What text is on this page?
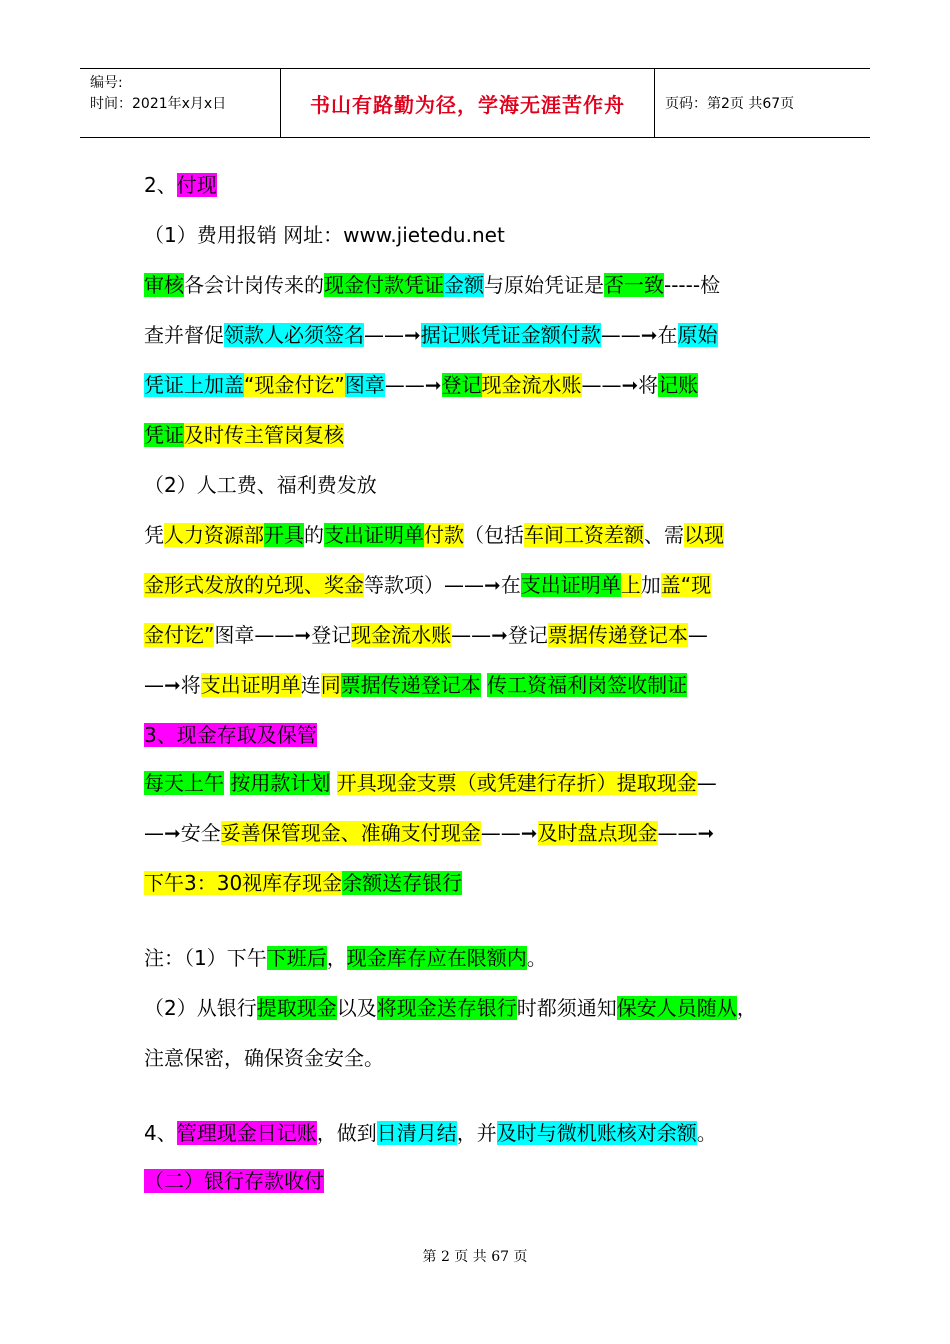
编号:
时间：2021年x月x日	书山有路勤为径，学海无涯苦作舟	页码：第2页 共67页
2、付现
（1）费用报销 网址：www.jietedu.net
审核各会计岗传来的现金付款凭证金额与原始凭证是否一致-----检
查并督促领款人必须签名——➞据记账凭证金额付款——➞在原始
凭证上加盖“现金付讫”图章——➞登记现金流水账——➞将记账
凭证及时传主管岗复核
（2）人工费、福利费发放
凭人力资源部开具的支出证明单付款（包括车间工资差额、需以现
金形式发放的兑现、奖金等款项）——➞在支出证明单上加盖“现
金付讫”图章——➞登记现金流水账——➞登记票据传递登记本—
—➞将支出证明单连同票据传递登记本 传工资福利岗签收制证
3、现金存取及保管
每天上午 按用款计划 开具现金支票（或凭建行存折）提取现金—
—➞安全妥善保管现金、准确支付现金——➞及时盘点现金——➞
下午3：30视库存现金余额送存银行
注：（1）下午下班后，现金库存应在限额内。
（2）从银行提取现金以及将现金送存银行时都须通知保安人员随从，
注意保密，确保资金安全。
4、管理现金日记账，做到日清月结，并及时与微机账核对余额。
（二）银行存款收付
第 2 页 共 67 页
